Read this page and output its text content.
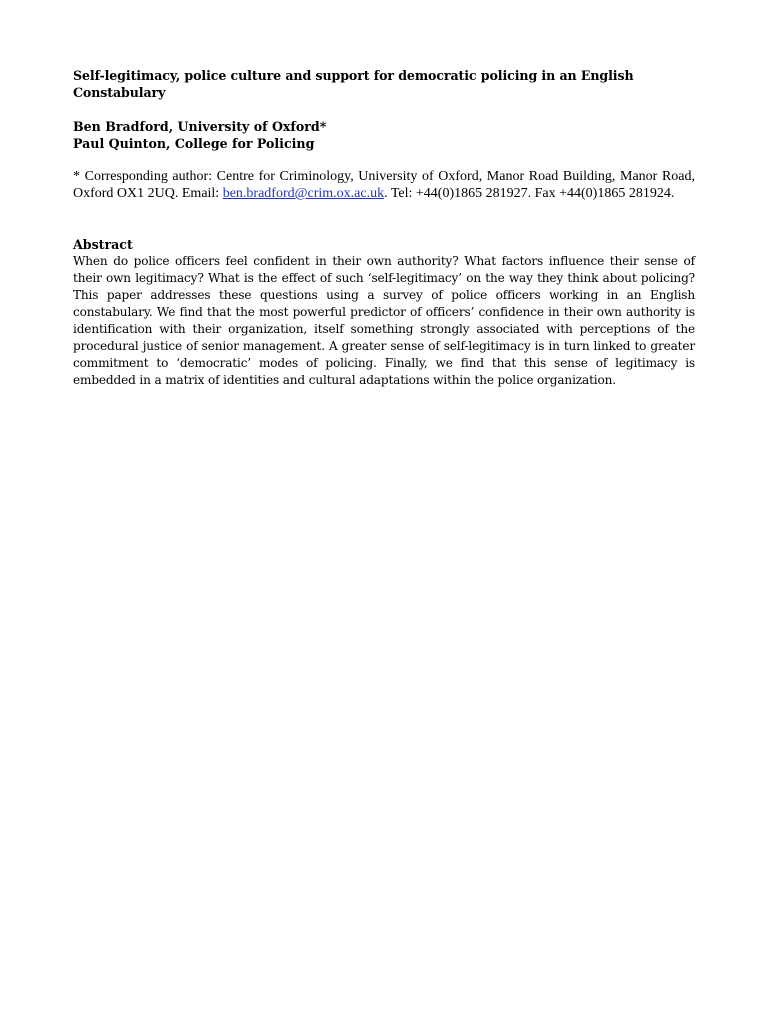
Self-legitimacy, police culture and support for democratic policing in an English Constabulary
Ben Bradford, University of Oxford*
Paul Quinton, College for Policing

* Corresponding author: Centre for Criminology, University of Oxford, Manor Road Building, Manor Road, Oxford OX1 2UQ. Email: ben.bradford@crim.ox.ac.uk. Tel: +44(0)1865 281927. Fax +44(0)1865 281924.

Abstract
When do police officers feel confident in their own authority? What factors influence their sense of their own legitimacy? What is the effect of such ‘self-legitimacy’ on the way they think about policing? This paper addresses these questions using a survey of police officers working in an English constabulary. We find that the most powerful predictor of officers’ confidence in their own authority is identification with their organization, itself something strongly associated with perceptions of the procedural justice of senior management. A greater sense of self-legitimacy is in turn linked to greater commitment to ‘democratic’ modes of policing. Finally, we find that this sense of legitimacy is embedded in a matrix of identities and cultural adaptations within the police organization.
